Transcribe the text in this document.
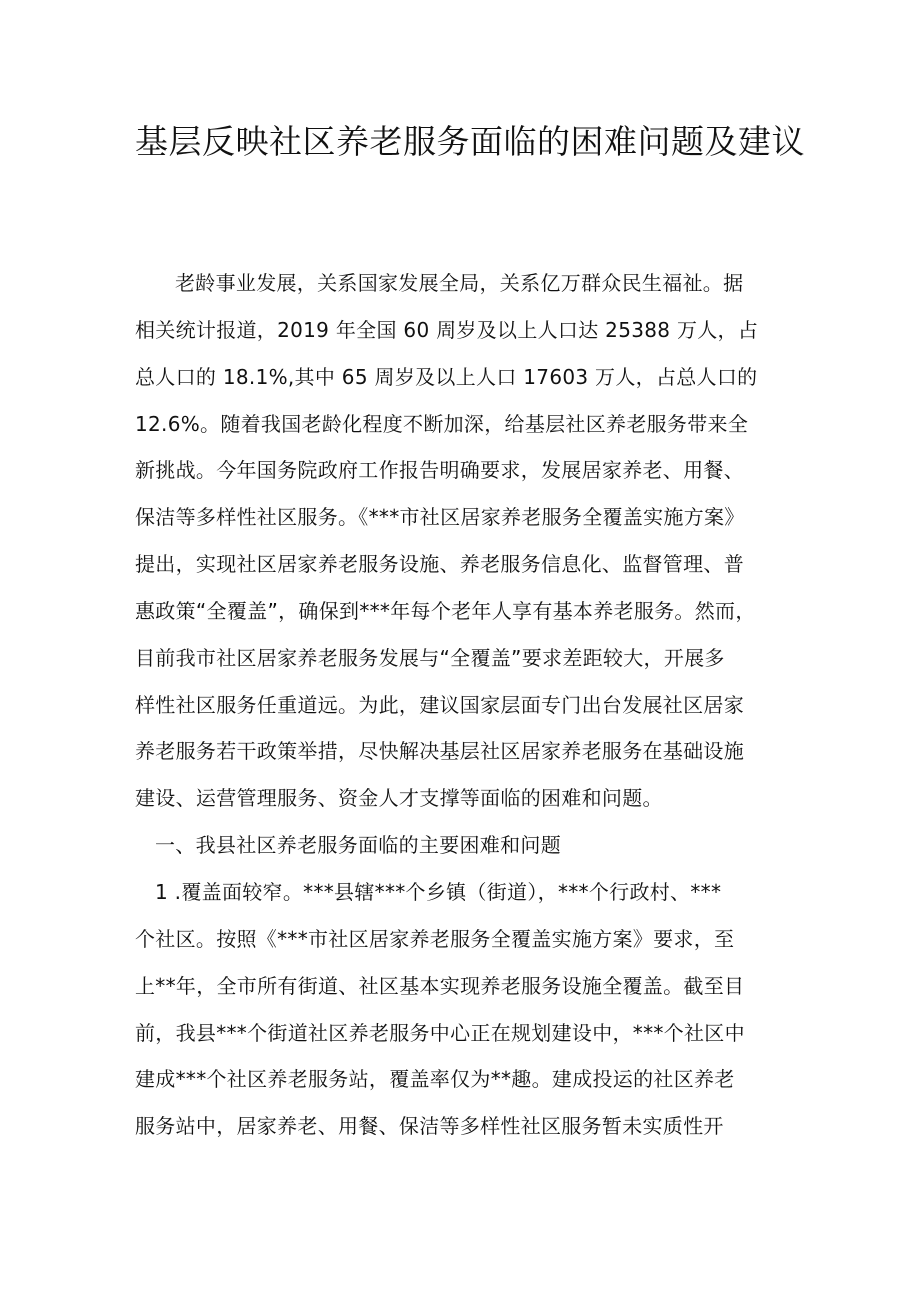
基层反映社区养老服务面临的困难问题及建议
老龄事业发展，关系国家发展全局，关系亿万群众民生福祉。据
相关统计报道，2019 年全国 60 周岁及以上人口达 25388 万人，占
总人口的 18.1%,其中 65 周岁及以上人口 17603 万人，占总人口的
12.6%。随着我国老龄化程度不断加深，给基层社区养老服务带来全
新挑战。今年国务院政府工作报告明确要求，发展居家养老、用餐、
保洁等多样性社区服务。《***市社区居家养老服务全覆盖实施方案》
提出，实现社区居家养老服务设施、养老服务信息化、监督管理、普
惠政策“全覆盖”，确保到***年每个老年人享有基本养老服务。然而，
目前我市社区居家养老服务发展与“全覆盖”要求差距较大，开展多
样性社区服务任重道远。为此，建议国家层面专门出台发展社区居家
养老服务若干政策举措，尽快解决基层社区居家养老服务在基础设施
建设、运营管理服务、资金人才支撑等面临的困难和问题。
一、我县社区养老服务面临的主要困难和问题
1 .覆盖面较窄。***县辖***个乡镇（街道），***个行政村、***
个社区。按照《***市社区居家养老服务全覆盖实施方案》要求，至
上**年，全市所有街道、社区基本实现养老服务设施全覆盖。截至目
前，我县***个街道社区养老服务中心正在规划建设中，***个社区中
建成***个社区养老服务站，覆盖率仅为**趣。建成投运的社区养老
服务站中，居家养老、用餐、保洁等多样性社区服务暂未实质性开
